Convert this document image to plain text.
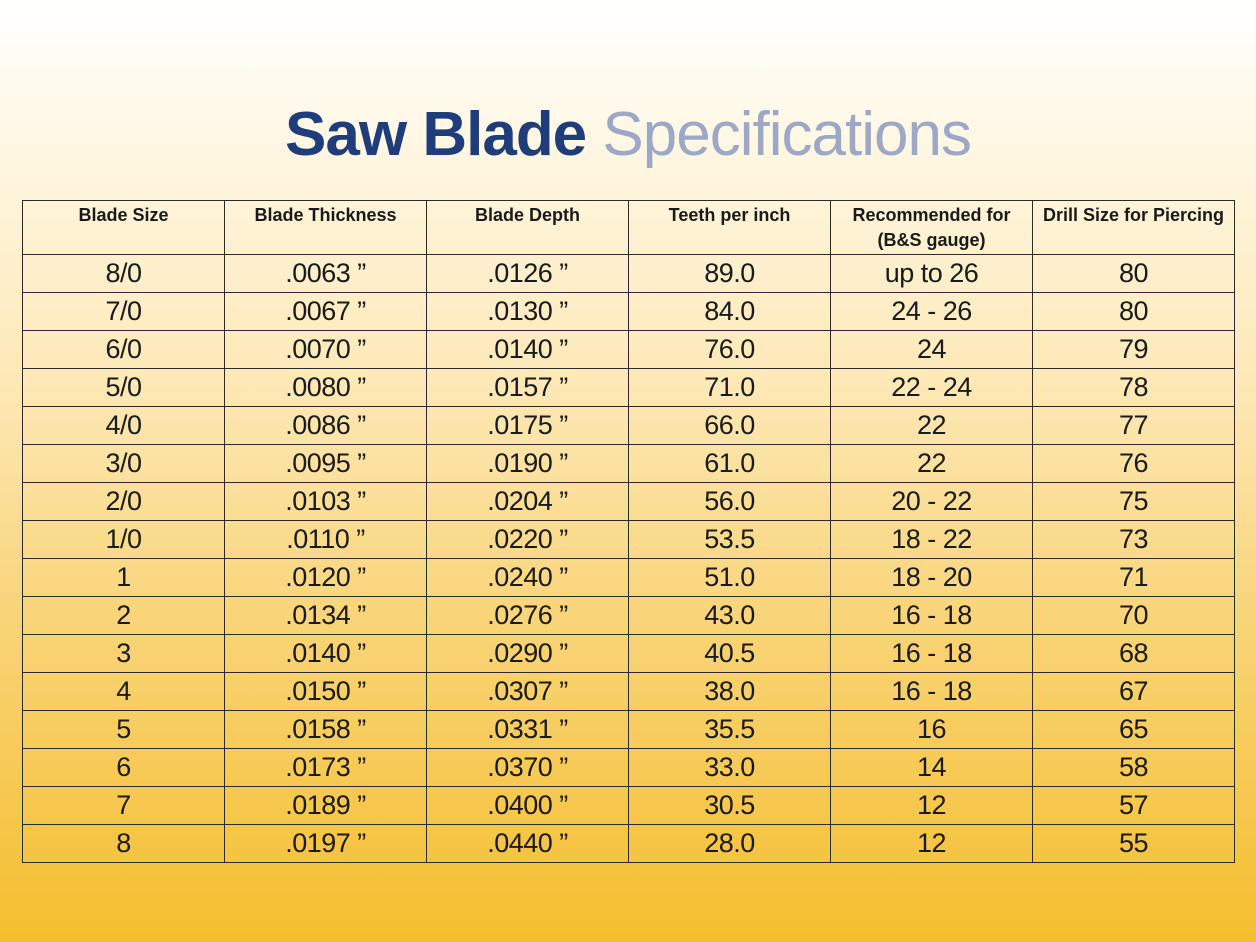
Saw Blade Specifications
Blade Size	Blade Thickness	Blade Depth	Teeth per inch	Recommended for (B&S gauge)	Drill Size for Piercing
8/0	.0063 ”	.0126 ”	89.0	up to 26	80
7/0	.0067 ”	.0130 ”	84.0	24 - 26	80
6/0	.0070 ”	.0140 ”	76.0	24	79
5/0	.0080 ”	.0157 ”	71.0	22 - 24	78
4/0	.0086 ”	.0175 ”	66.0	22	77
3/0	.0095 ”	.0190 ”	61.0	22	76
2/0	.0103 ”	.0204 ”	56.0	20 - 22	75
1/0	.0110 ”	.0220 ”	53.5	18 - 22	73
1	.0120 ”	.0240 ”	51.0	18 - 20	71
2	.0134 ”	.0276 ”	43.0	16 - 18	70
3	.0140 ”	.0290 ”	40.5	16 - 18	68
4	.0150 ”	.0307 ”	38.0	16 - 18	67
5	.0158 ”	.0331 ”	35.5	16	65
6	.0173 ”	.0370 ”	33.0	14	58
7	.0189 ”	.0400 ”	30.5	12	57
8	.0197 ”	.0440 ”	28.0	12	55
